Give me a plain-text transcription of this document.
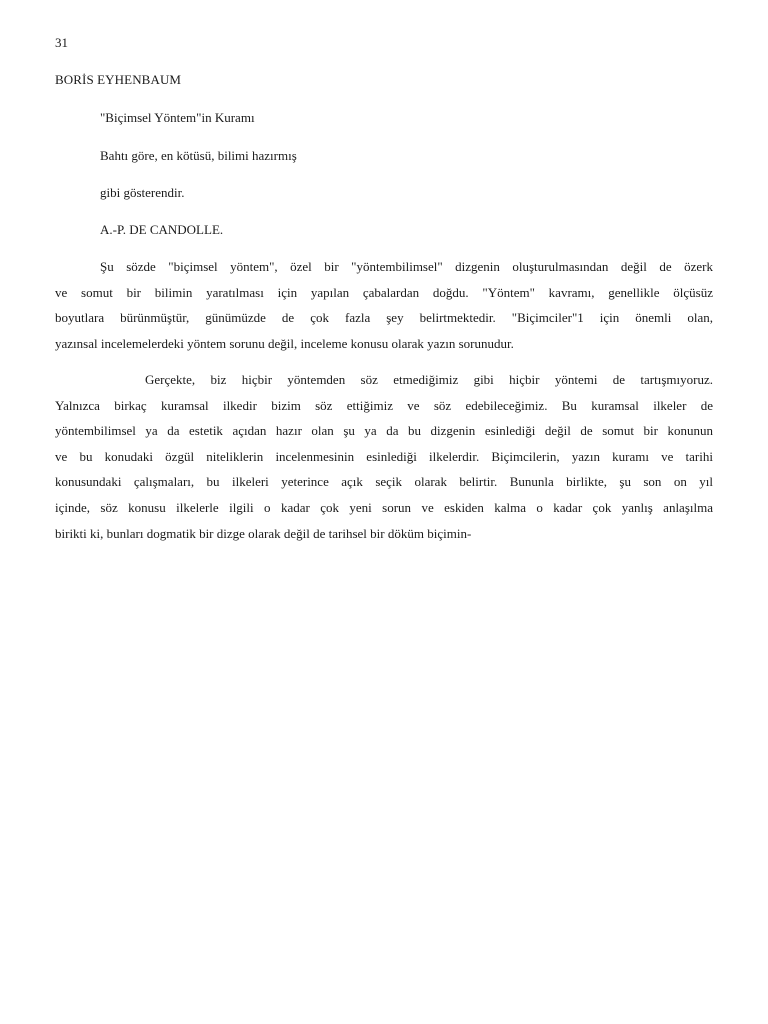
31
BORİS EYHENBAUM
"Biçimsel Yöntem"in Kuramı
Bahtı göre, en kötüsü, bilimi hazırmış
gibi gösterendir.
A.-P. DE CANDOLLE.
Şu sözde "biçimsel yöntem", özel bir "yöntembilimsel" dizgenin oluşturulmasından değil de özerk
ve somut bir bilimin yaratılması için yapılan çabalardan doğdu. "Yöntem" kavramı, genellikle ölçüsüz
boyutlara bürünmüştür, günümüzde de çok fazla şey belirtmektedir. "Biçimciler"1 için önemli olan,
yazınsal incelemelerdeki yöntem sorunu değil, inceleme konusu olarak yazın sorunudur.
Gerçekte, biz hiçbir yöntemden söz etmediğimiz gibi hiçbir yöntemi de tartışmıyoruz.
Yalnızca birkaç kuramsal ilkedir bizim söz ettiğimiz ve söz edebileceğimiz. Bu kuramsal ilkeler de
yöntembilimsel ya da estetik açıdan hazır olan şu ya da bu dizgenin esinlediği değil de somut bir konunun
ve bu konudaki özgül niteliklerin incelenmesinin esinlediği ilkelerdir. Biçimcilerin, yazın kuramı ve tarihi
konusundaki çalışmaları, bu ilkeleri yeterince açık seçik olarak belirtir. Bununla birlikte, şu son on yıl
içinde, söz konusu ilkelerle ilgili o kadar çok yeni sorun ve eskiden kalma o kadar çok yanlış anlaşılma
birikti ki, bunları dogmatik bir dizge olarak değil de tarihsel bir döküm biçimin-
